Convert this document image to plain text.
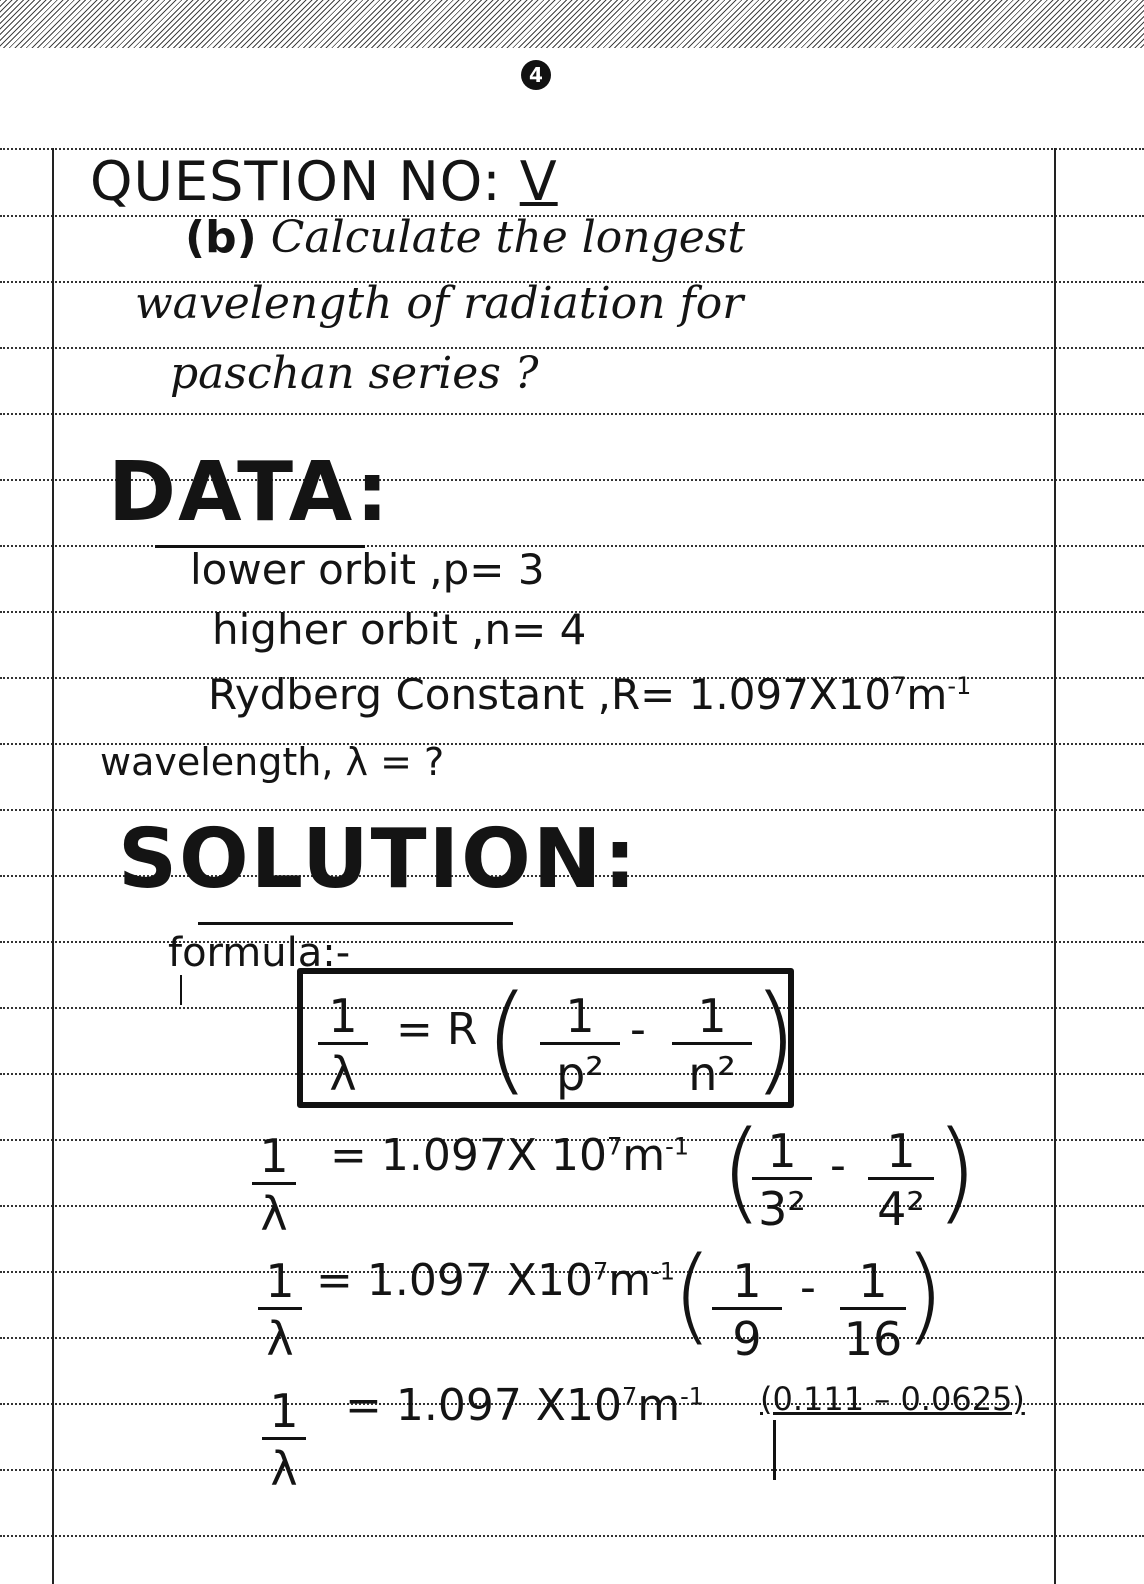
4
QUESTION NO: V
(b) Calculate the longest
wavelength of radiation for
paschan series ?
DATA:
lower orbit ,p= 3
higher orbit ,n= 4
Rydberg Constant $,R= 1.097X10^7m^{-1}$
wavelength, λ = ?
SOLUTION:
formula:-
1
λ
= R ( 1
p²
- 1
n² )
1
λ
= 1.097X $10^7m^{-1}$ ( 1
3²
- 1
4² )
1
λ
= 1.097 $X10^7m^{-1}$
( 1
9
- 1
16 )
1
λ
= 1.097 $X10^7m^{-1}$ (0.111 – 0.0625)
